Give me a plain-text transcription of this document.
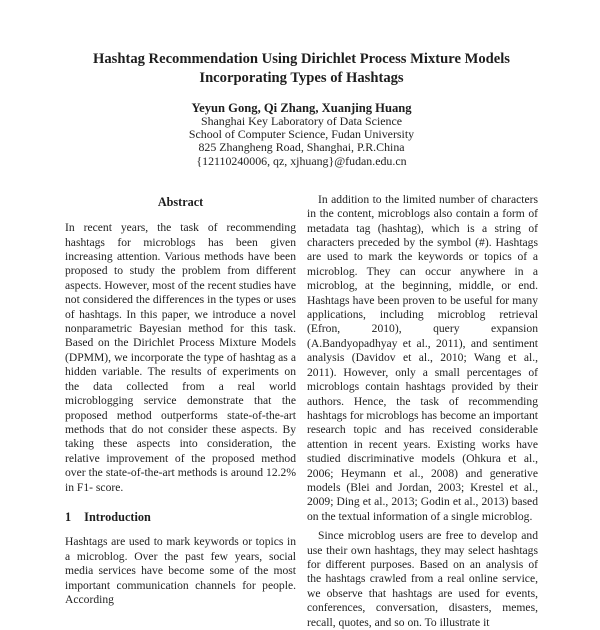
Hashtag Recommendation Using Dirichlet Process Mixture Models
Incorporating Types of Hashtags
Yeyun Gong, Qi Zhang, Xuanjing Huang
Shanghai Key Laboratory of Data Science
School of Computer Science, Fudan University
825 Zhangheng Road, Shanghai, P.R.China
{12110240006, qz, xjhuang}@fudan.edu.cn
Abstract

In recent years, the task of recommending hashtags for microblogs has been given increasing attention. Various methods have been proposed to study the problem from different aspects. However, most of the recent studies have not considered the differences in the types or uses of hashtags. In this paper, we introduce a novel nonparametric Bayesian method for this task. Based on the Dirichlet Process Mixture Models (DPMM), we incorporate the type of hashtag as a hidden variable. The results of experiments on the data collected from a real world microblogging service demonstrate that the proposed method outperforms state-of-the-art methods that do not consider these aspects. By taking these aspects into consideration, the relative improvement of the proposed method over the state-of-the-art methods is around 12.2% in F1- score.

1 Introduction

Hashtags are used to mark keywords or topics in a microblog. Over the past few years, social media services have become some of the most important communication channels for people. According

In addition to the limited number of characters in the content, microblogs also contain a form of metadata tag (hashtag), which is a string of characters preceded by the symbol (#). Hashtags are used to mark the keywords or topics of a microblog. They can occur anywhere in a microblog, at the beginning, middle, or end. Hashtags have been proven to be useful for many applications, including microblog retrieval (Efron, 2010), query expansion (A.Bandyopadhyay et al., 2011), and sentiment analysis (Davidov et al., 2010; Wang et al., 2011). However, only a small percentages of microblogs contain hashtags provided by their authors. Hence, the task of recommending hashtags for microblogs has become an important research topic and has received considerable attention in recent years. Existing works have studied discriminative models (Ohkura et al., 2006; Heymann et al., 2008) and generative models (Blei and Jordan, 2003; Krestel et al., 2009; Ding et al., 2013; Godin et al., 2013) based on the textual information of a single microblog.

Since microblog users are free to develop and use their own hashtags, they may select hashtags for different purposes. Based on an analysis of the hashtags crawled from a real online service, we observe that hashtags are used for events, conferences, conversation, disasters, memes, recall, quotes, and so on. To illustrate it
